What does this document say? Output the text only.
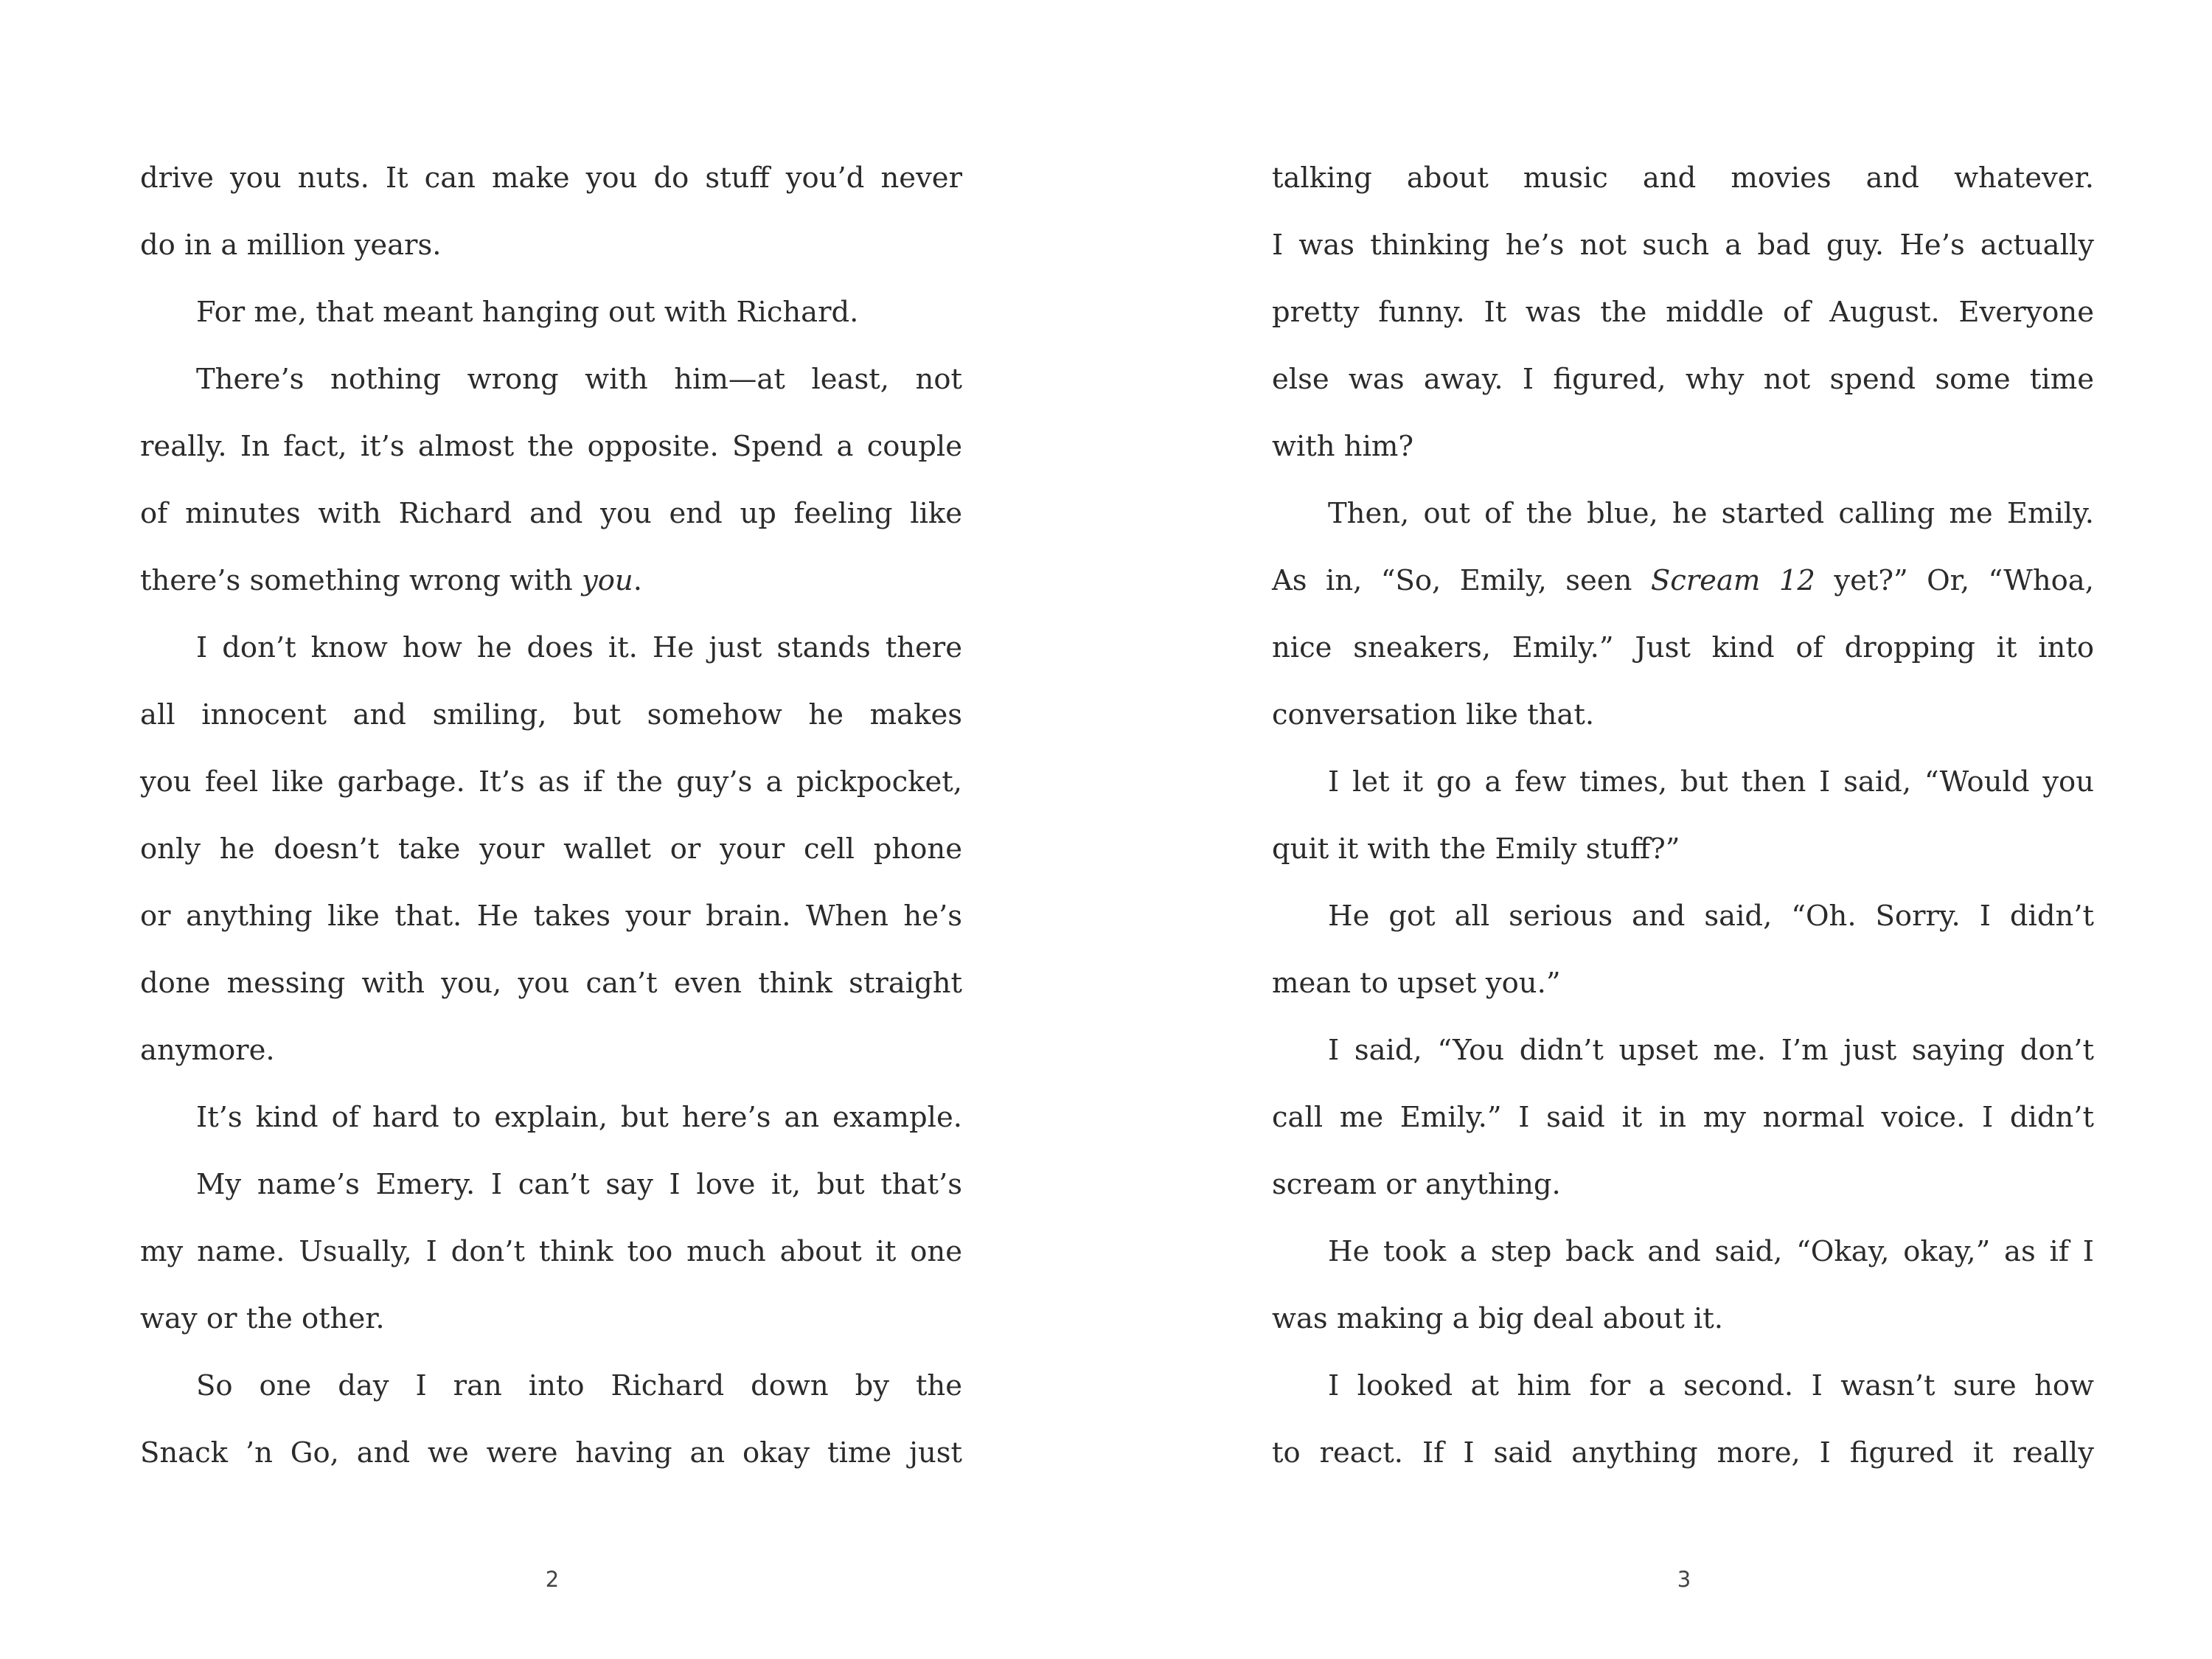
drive you nuts. It can make you do stuff you’d never
do in a million years.
For me, that meant hanging out with Richard.
There’s nothing wrong with him—at least, not
really. In fact, it’s almost the opposite. Spend a couple
of minutes with Richard and you end up feeling like
there’s something wrong with you.
I don’t know how he does it. He just stands there
all innocent and smiling, but somehow he makes
you feel like garbage. It’s as if the guy’s a pickpocket,
only he doesn’t take your wallet or your cell phone
or anything like that. He takes your brain. When he’s
done messing with you, you can’t even think straight
anymore.
It’s kind of hard to explain, but here’s an example.
My name’s Emery. I can’t say I love it, but that’s
my name. Usually, I don’t think too much about it one
way or the other.
So one day I ran into Richard down by the
Snack ’n Go, and we were having an okay time just
2
talking about music and movies and whatever.
I was thinking he’s not such a bad guy. He’s actually
pretty funny. It was the middle of August. Everyone
else was away. I figured, why not spend some time
with him?
Then, out of the blue, he started calling me Emily.
As in, “So, Emily, seen Scream 12 yet?” Or, “Whoa,
nice sneakers, Emily.” Just kind of dropping it into
conversation like that.
I let it go a few times, but then I said, “Would you
quit it with the Emily stuff?”
He got all serious and said, “Oh. Sorry. I didn’t
mean to upset you.”
I said, “You didn’t upset me. I’m just saying don’t
call me Emily.” I said it in my normal voice. I didn’t
scream or anything.
He took a step back and said, “Okay, okay,” as if I
was making a big deal about it.
I looked at him for a second. I wasn’t sure how
to react. If I said anything more, I figured it really
3
